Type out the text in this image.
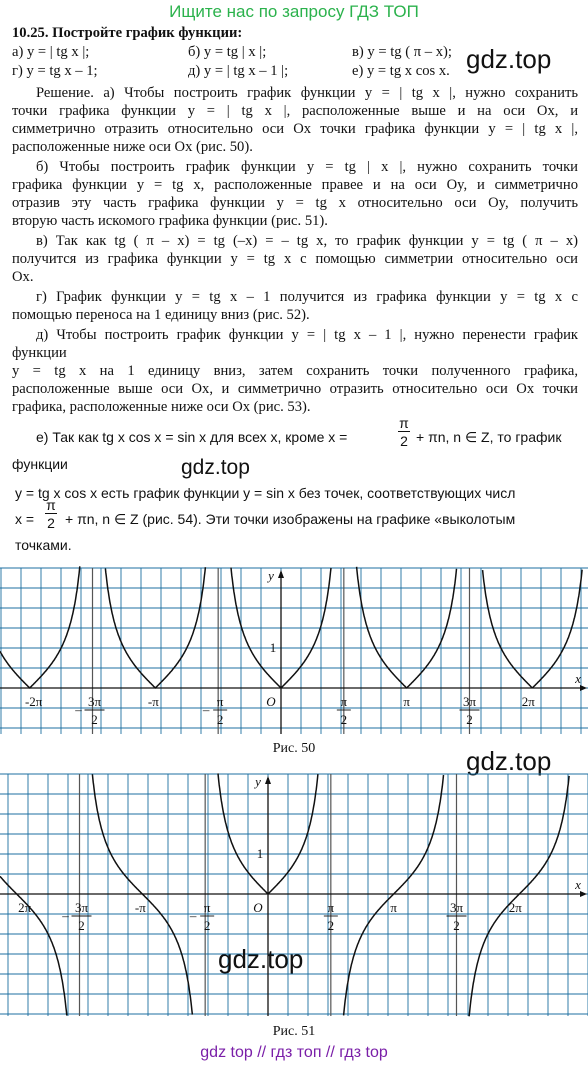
Ищите нас по запросу ГДЗ ТОП
10.25. Постройте график функции:
а) y = | tg x |;	б) y = tg | x |;	в) y = tg ( π – x);
г) y = tg x – 1;	д) y = | tg x – 1 |;	е) y = tg x cos x. gdz.top
Решение. а) Чтобы построить график функции y = | tg x |, нужно сохранить
точки графика функции y = | tg x |, расположенные выше и на оси Ox, и
симметрично отразить относительно оси Ox точки графика функции y = | tg x |,
расположенные ниже оси Ox (рис. 50).
б) Чтобы построить график функции y = tg | x |, нужно сохранить точки
графика функции y = tg x, расположенные правее и на оси Oy, и симметрично
отразив эту часть графика функции y = tg x относительно оси Oy, получить
вторую часть искомого графика функции (рис. 51).
в) Так как tg ( π – x) = tg (–x) = – tg x, то график функции y = tg ( π – x)
получится из графика функции y = tg x с помощью симметрии относительно оси
Ox.
г) График функции y = tg x – 1 получится из графика функции y = tg x с
помощью переноса на 1 единицу вниз (рис. 52).
д) Чтобы построить график функции y = | tg x – 1 |, нужно перенести график
функции
y = tg x на 1 единицу вниз, затем сохранить точки полученного графика,
расположенные выше оси Ox, и симметрично отразить относительно оси Ox точки
графика, расположенные ниже оси Ox (рис. 53).
е) Так как tg x cos x = sin x для всех x, кроме x =
π
2 + πn, n ∈ Z, то график
функции	gdz.top
y = tg x cos x есть график функции y = sin x без точек, соответствующих числ
x =
π
2 + πn, n ∈ Z (рис. 54). Эти точки изображены на графике «выколотым
точками.
x
y
O
1
-2π
–
3π
2
-π
–
π
2
π
2
π	3π
2
2π
Рис. 50	gdz.top
x
y
O
1
2π
–
3π
2
-π
–
π
2
π
2
π	3π
2
2π
gdz.top
Рис. 51
gdz top // гдз топ // гдз top
